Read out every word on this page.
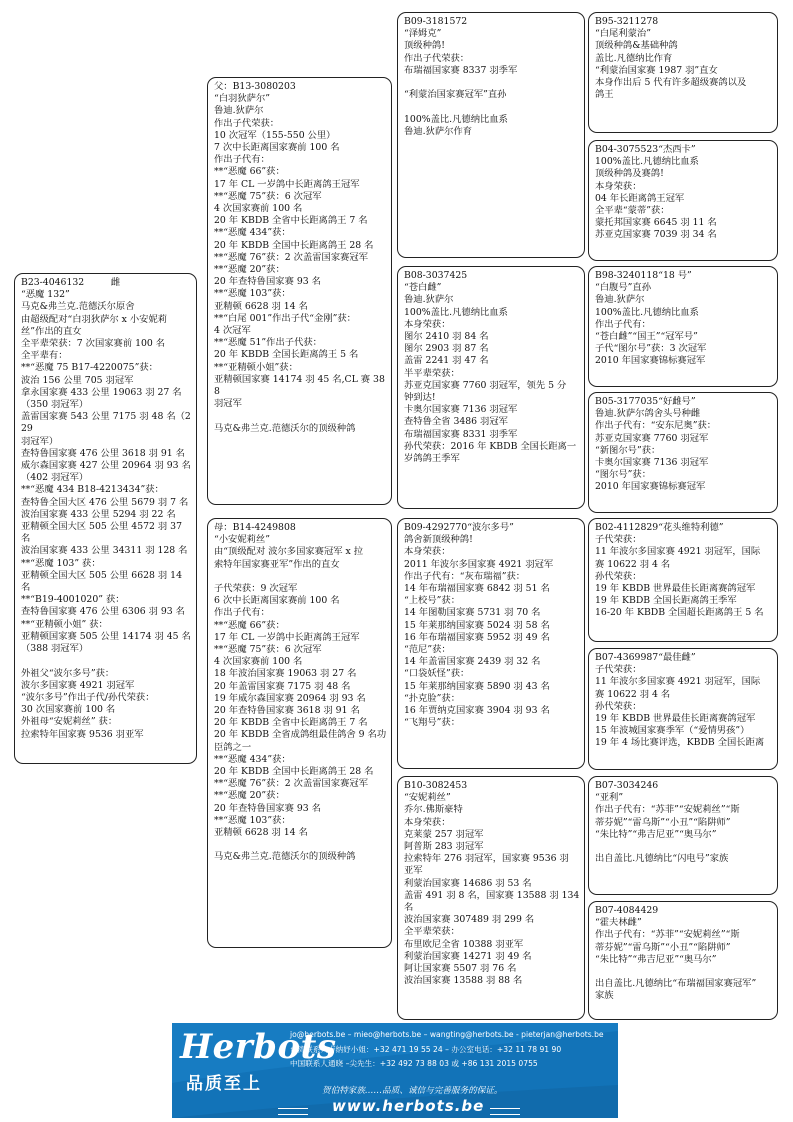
B23-4046132	雌
“恶魔 132”
马克&弗兰克.范德沃尔原舍
由超级配对“白羽狄萨尔 x 小安妮莉
丝”作出的直女
全平辈荣获：7 次国家赛前 100 名
全平辈有：
**“恶魔 75 B17-4220075”获：
波治 156 公里 705 羽冠军
拿永国家赛 433 公里 19063 羽 27 名
（350 羽冠军）
盖雷国家赛 543 公里 7175 羽 48 名（229
羽冠军）
查特鲁国家赛 476 公里 3618 羽 91 名
威尔森国家赛 427 公里 20964 羽 93 名
（402 羽冠军）
**“恶魔 434 B18-4213434”获：
查特鲁全国大区 476 公里 5679 羽 7 名
波治国家赛 433 公里 5294 羽 22 名
亚精顿全国大区 505 公里 4572 羽 37 名
波治国家赛 433 公里 34311 羽 128 名
**“恶魔 103” 获：
亚精顿全国大区 505 公里 6628 羽 14 名
**“B19-4001020” 获：
查特鲁国家赛 476 公里 6306 羽 93 名
**“亚精顿小姐” 获：
亚精顿国家赛 505 公里 14174 羽 45 名
（388 羽冠军）

外祖父“波尔多号”获：
波尔多国家赛 4921 羽冠军
“波尔多号”作出子代/孙代荣获：
30 次国家赛前 100 名
外祖母“安妮莉丝” 获：
拉索特年国家赛 9536 羽亚军
父：B13-3080203
“白羽狄萨尔”
鲁迪.狄萨尔
作出子代荣获：
10 次冠军（155-550 公里）
7 次中长距离国家赛前 100 名
作出子代有：
**“恶魔 66”获：
17 年 CL 一岁鸽中长距离鸽王冠军
**“恶魔 75”获：6 次冠军
4 次国家赛前 100 名
20 年 KBDB 全省中长距离鸽王 7 名
**“恶魔 434”获：
20 年 KBDB 全国中长距离鸽王 28 名
**“恶魔 76”获：2 次盖雷国家赛冠军
**“恶魔 20”获：
20 年查特鲁国家赛 93 名
**“恶魔 103”获：
亚精顿 6628 羽 14 名
**“白尾 001”作出子代“金刚”获：
4 次冠军
**“恶魔 51”作出子代获：
20 年 KBDB 全国长距离鸽王 5 名
**“亚精顿小姐”获：
亚精顿国家赛 14174 羽 45 名,CL 赛 388
羽冠军

马克&弗兰克.范德沃尔的顶级种鸽
母：B14-4249808
“小安妮莉丝”
由“顶级配对 波尔多国家赛冠军 x 拉
索特年国家赛亚军”作出的直女

子代荣获：9 次冠军
6 次中长距离国家赛前 100 名
作出子代有：
**“恶魔 66”获：
17 年 CL 一岁鸽中长距离鸽王冠军
**“恶魔 75”获：6 次冠军
4 次国家赛前 100 名
18 年波治国家赛 19063 羽 27 名
20 年盖雷国家赛 7175 羽 48 名
19 年威尔森国家赛 20964 羽 93 名
20 年查特鲁国家赛 3618 羽 91 名
20 年 KBDB 全省中长距离鸽王 7 名
20 年 KBDB 全省成鸽组最佳鸽舍 9 名功
臣鸽之一
**“恶魔 434”获：
20 年 KBDB 全国中长距离鸽王 28 名
**“恶魔 76”获：2 次盖雷国家赛冠军
**“恶魔 20”获：
20 年查特鲁国家赛 93 名
**“恶魔 103”获：
亚精顿 6628 羽 14 名

马克&弗兰克.范德沃尔的顶级种鸽
B09-3181572
“泽姆克”
顶级种鸽!
作出子代荣获：
布瑞福国家赛 8337 羽季军

“利蒙治国家赛冠军”直孙

100%盖比.凡德纳比血系
鲁迪.狄萨尔作育
B08-3037425
“苍白雌”
鲁迪.狄萨尔
100%盖比.凡德纳比血系
本身荣获：
图尔 2410 羽 84 名
图尔 2903 羽 87 名
盖雷 2241 羽 47 名
半平辈荣获：
苏亚克国家赛 7760 羽冠军，领先 5 分
钟到达!
卡奥尔国家赛 7136 羽冠军
查特鲁全省 3486 羽冠军
布瑞福国家赛 8331 羽季军
孙代荣获：2016 年 KBDB 全国长距离一
岁鸽鸽王季军
B09-4292770“波尔多号”
鸽舍新顶级种鸽!
本身荣获：
2011 年波尔多国家赛 4921 羽冠军
作出子代有：“灰布瑞福”获：
14 年布瑞福国家赛 6842 羽 51 名
“上校号”获：
14 年图勒国家赛 5731 羽 70 名
15 年莱那纳国家赛 5024 羽 58 名
16 年布瑞福国家赛 5952 羽 49 名
“范尼”获：
14 年盖雷国家赛 2439 羽 32 名
“口袋妖怪”获：
15 年莱那纳国家赛 5890 羽 43 名
“扑克脸”获：
16 年贾纳克国家赛 3904 羽 93 名
“飞翔号”获：
B10-3082453
“安妮莉丝”
乔尔.佛斯豪特
本身荣获：
克莱蒙 257 羽冠军
阿普斯 283 羽冠军
拉索特年 276 羽冠军，国家赛 9536 羽
亚军
利蒙治国家赛 14686 羽 53 名
盖雷 491 羽 8 名，国家赛 13588 羽 134
名
波治国家赛 307489 羽 299 名
全平辈荣获：
布里欧尼全省 10388 羽亚军
利蒙治国家赛 14271 羽 49 名
阿让国家赛 5507 羽 76 名
波治国家赛 13588 羽 88 名
B95-3211278
“白尾利蒙治”
顶级种鸽&基础种鸽
盖比.凡德纳比作育
“利蒙治国家赛 1987 羽”直女
本身作出后 5 代有许多超级赛鸽以及
鸽王
B04-3075523“杰西卡”
100%盖比.凡德纳比血系
顶级种鸽及赛鸽!
本身荣获：
04 年长距离鸽王冠军
全平辈“蒙蒂”获：
蒙托邦国家赛 6645 羽 11 名
苏亚克国家赛 7039 羽 34 名
B98-3240118“18 号”
“白腹号”直孙
鲁迪.狄萨尔
100%盖比.凡德纳比血系
作出子代有：
“苍白雌”“国王”“冠军号”
子代“图尔号”获：3 次冠军
2010 年国家赛锦标赛冠军
B05-3177035“好雌号”
鲁迪.狄萨尔鸽舍头号种雌
作出子代有：“安东尼奥”获：
苏亚克国家赛 7760 羽冠军
“新图尔号”获：
卡奥尔国家赛 7136 羽冠军
“图尔号”获：
2010 年国家赛锦标赛冠军
B02-4112829“花头维特利德”
子代荣获：
11 年波尔多国家赛 4921 羽冠军，国际
赛 10622 羽 4 名
孙代荣获：
19 年 KBDB 世界最佳长距离赛鸽冠军
19 年 KBDB 全国长距离鸽王季军
16-20 年 KBDB 全国超长距离鸽王 5 名
B07-4369987“最佳雌”
子代荣获：
11 年波尔多国家赛 4921 羽冠军，国际
赛 10622 羽 4 名
孙代荣获：
19 年 KBDB 世界最佳长距离赛鸽冠军
15 年波城国家赛季军（“爱情男孩”）
19 年 4 场比赛评选，KBDB 全国长距离
B07-3034246
“亚利”
作出子代有：“苏菲”“安妮莉丝”“斯
蒂芬妮”“雷乌斯”“小丑”“陷阱师”
“朱比特”“弗吉尼亚”“奥马尔”

出自盖比.凡德纳比“闪电号”家族
B07-4084429
“霍夫林雌”
作出子代有：“苏菲”“安妮莉丝”“斯
蒂芬妮”“雷乌斯”“小丑”“陷阱师”
“朱比特”“弗吉尼亚”“奥马尔”

出自盖比.凡德纳比“布瑞福国家赛冠军”
家族
Herbots
品质至上
jo@herbots.be – mieo@herbots.be – wangting@herbots.be - pieterjan@herbots.be
台湾联系人卢纳妤小姐：+32 471 19 55 24 – 办公室电话：+32 11 78 91 90
中国联系人通晓 –尖先生：+32 492 73 88 03 或 +86 131 2015 0755
贺伯特家族……品质、诚信与完善服务的保证。
www.herbots.be
